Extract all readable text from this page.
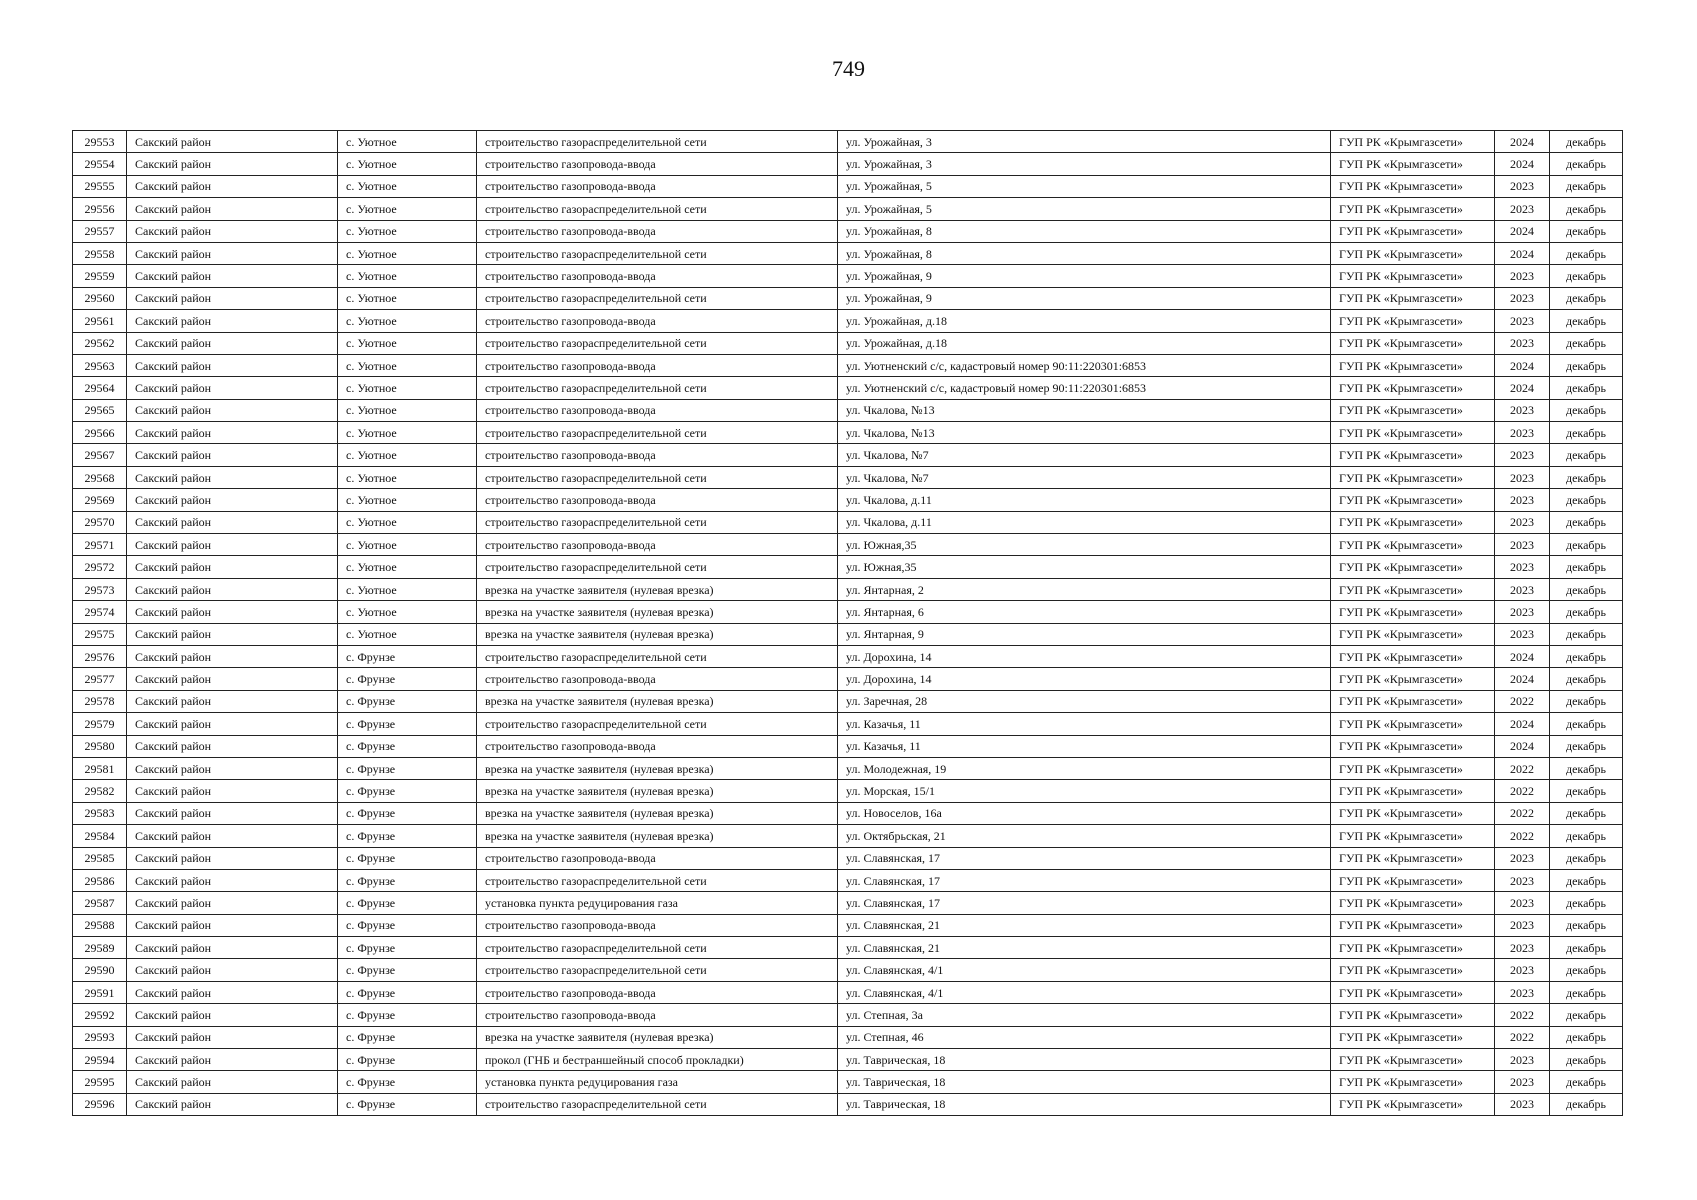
749
29553	Сакский район	с. Уютное	строительство газораспределительной сети	ул. Урожайная, 3	ГУП РК «Крымгазсети»	2024	декабрь
29554	Сакский район	с. Уютное	строительство газопровода-ввода	ул. Урожайная, 3	ГУП РК «Крымгазсети»	2024	декабрь
29555	Сакский район	с. Уютное	строительство газопровода-ввода	ул. Урожайная, 5	ГУП РК «Крымгазсети»	2023	декабрь
29556	Сакский район	с. Уютное	строительство газораспределительной сети	ул. Урожайная, 5	ГУП РК «Крымгазсети»	2023	декабрь
29557	Сакский район	с. Уютное	строительство газопровода-ввода	ул. Урожайная, 8	ГУП РК «Крымгазсети»	2024	декабрь
29558	Сакский район	с. Уютное	строительство газораспределительной сети	ул. Урожайная, 8	ГУП РК «Крымгазсети»	2024	декабрь
29559	Сакский район	с. Уютное	строительство газопровода-ввода	ул. Урожайная, 9	ГУП РК «Крымгазсети»	2023	декабрь
29560	Сакский район	с. Уютное	строительство газораспределительной сети	ул. Урожайная, 9	ГУП РК «Крымгазсети»	2023	декабрь
29561	Сакский район	с. Уютное	строительство газопровода-ввода	ул. Урожайная, д.18	ГУП РК «Крымгазсети»	2023	декабрь
29562	Сакский район	с. Уютное	строительство газораспределительной сети	ул. Урожайная, д.18	ГУП РК «Крымгазсети»	2023	декабрь
29563	Сакский район	с. Уютное	строительство газопровода-ввода	ул. Уютненский с/с, кадастровый номер 90:11:220301:6853	ГУП РК «Крымгазсети»	2024	декабрь
29564	Сакский район	с. Уютное	строительство газораспределительной сети	ул. Уютненский с/с, кадастровый номер 90:11:220301:6853	ГУП РК «Крымгазсети»	2024	декабрь
29565	Сакский район	с. Уютное	строительство газопровода-ввода	ул. Чкалова, №13	ГУП РК «Крымгазсети»	2023	декабрь
29566	Сакский район	с. Уютное	строительство газораспределительной сети	ул. Чкалова, №13	ГУП РК «Крымгазсети»	2023	декабрь
29567	Сакский район	с. Уютное	строительство газопровода-ввода	ул. Чкалова, №7	ГУП РК «Крымгазсети»	2023	декабрь
29568	Сакский район	с. Уютное	строительство газораспределительной сети	ул. Чкалова, №7	ГУП РК «Крымгазсети»	2023	декабрь
29569	Сакский район	с. Уютное	строительство газопровода-ввода	ул. Чкалова, д.11	ГУП РК «Крымгазсети»	2023	декабрь
29570	Сакский район	с. Уютное	строительство газораспределительной сети	ул. Чкалова, д.11	ГУП РК «Крымгазсети»	2023	декабрь
29571	Сакский район	с. Уютное	строительство газопровода-ввода	ул. Южная,35	ГУП РК «Крымгазсети»	2023	декабрь
29572	Сакский район	с. Уютное	строительство газораспределительной сети	ул. Южная,35	ГУП РК «Крымгазсети»	2023	декабрь
29573	Сакский район	с. Уютное	врезка на участке заявителя (нулевая врезка)	ул. Янтарная, 2	ГУП РК «Крымгазсети»	2023	декабрь
29574	Сакский район	с. Уютное	врезка на участке заявителя (нулевая врезка)	ул. Янтарная, 6	ГУП РК «Крымгазсети»	2023	декабрь
29575	Сакский район	с. Уютное	врезка на участке заявителя (нулевая врезка)	ул. Янтарная, 9	ГУП РК «Крымгазсети»	2023	декабрь
29576	Сакский район	с. Фрунзе	строительство газораспределительной сети	ул. Дорохина, 14	ГУП РК «Крымгазсети»	2024	декабрь
29577	Сакский район	с. Фрунзе	строительство газопровода-ввода	ул. Дорохина, 14	ГУП РК «Крымгазсети»	2024	декабрь
29578	Сакский район	с. Фрунзе	врезка на участке заявителя (нулевая врезка)	ул. Заречная, 28	ГУП РК «Крымгазсети»	2022	декабрь
29579	Сакский район	с. Фрунзе	строительство газораспределительной сети	ул. Казачья, 11	ГУП РК «Крымгазсети»	2024	декабрь
29580	Сакский район	с. Фрунзе	строительство газопровода-ввода	ул. Казачья, 11	ГУП РК «Крымгазсети»	2024	декабрь
29581	Сакский район	с. Фрунзе	врезка на участке заявителя (нулевая врезка)	ул. Молодежная, 19	ГУП РК «Крымгазсети»	2022	декабрь
29582	Сакский район	с. Фрунзе	врезка на участке заявителя (нулевая врезка)	ул. Морская, 15/1	ГУП РК «Крымгазсети»	2022	декабрь
29583	Сакский район	с. Фрунзе	врезка на участке заявителя (нулевая врезка)	ул. Новоселов, 16а	ГУП РК «Крымгазсети»	2022	декабрь
29584	Сакский район	с. Фрунзе	врезка на участке заявителя (нулевая врезка)	ул. Октябрьская, 21	ГУП РК «Крымгазсети»	2022	декабрь
29585	Сакский район	с. Фрунзе	строительство газопровода-ввода	ул. Славянская, 17	ГУП РК «Крымгазсети»	2023	декабрь
29586	Сакский район	с. Фрунзе	строительство газораспределительной сети	ул. Славянская, 17	ГУП РК «Крымгазсети»	2023	декабрь
29587	Сакский район	с. Фрунзе	установка пункта редуцирования газа	ул. Славянская, 17	ГУП РК «Крымгазсети»	2023	декабрь
29588	Сакский район	с. Фрунзе	строительство газопровода-ввода	ул. Славянская, 21	ГУП РК «Крымгазсети»	2023	декабрь
29589	Сакский район	с. Фрунзе	строительство газораспределительной сети	ул. Славянская, 21	ГУП РК «Крымгазсети»	2023	декабрь
29590	Сакский район	с. Фрунзе	строительство газораспределительной сети	ул. Славянская, 4/1	ГУП РК «Крымгазсети»	2023	декабрь
29591	Сакский район	с. Фрунзе	строительство газопровода-ввода	ул. Славянская, 4/1	ГУП РК «Крымгазсети»	2023	декабрь
29592	Сакский район	с. Фрунзе	строительство газопровода-ввода	ул. Степная, 3а	ГУП РК «Крымгазсети»	2022	декабрь
29593	Сакский район	с. Фрунзе	врезка на участке заявителя (нулевая врезка)	ул. Степная, 46	ГУП РК «Крымгазсети»	2022	декабрь
29594	Сакский район	с. Фрунзе	прокол (ГНБ и бестраншейный способ прокладки)	ул. Таврическая, 18	ГУП РК «Крымгазсети»	2023	декабрь
29595	Сакский район	с. Фрунзе	установка пункта редуцирования газа	ул. Таврическая, 18	ГУП РК «Крымгазсети»	2023	декабрь
29596	Сакский район	с. Фрунзе	строительство газораспределительной сети	ул. Таврическая, 18	ГУП РК «Крымгазсети»	2023	декабрь
